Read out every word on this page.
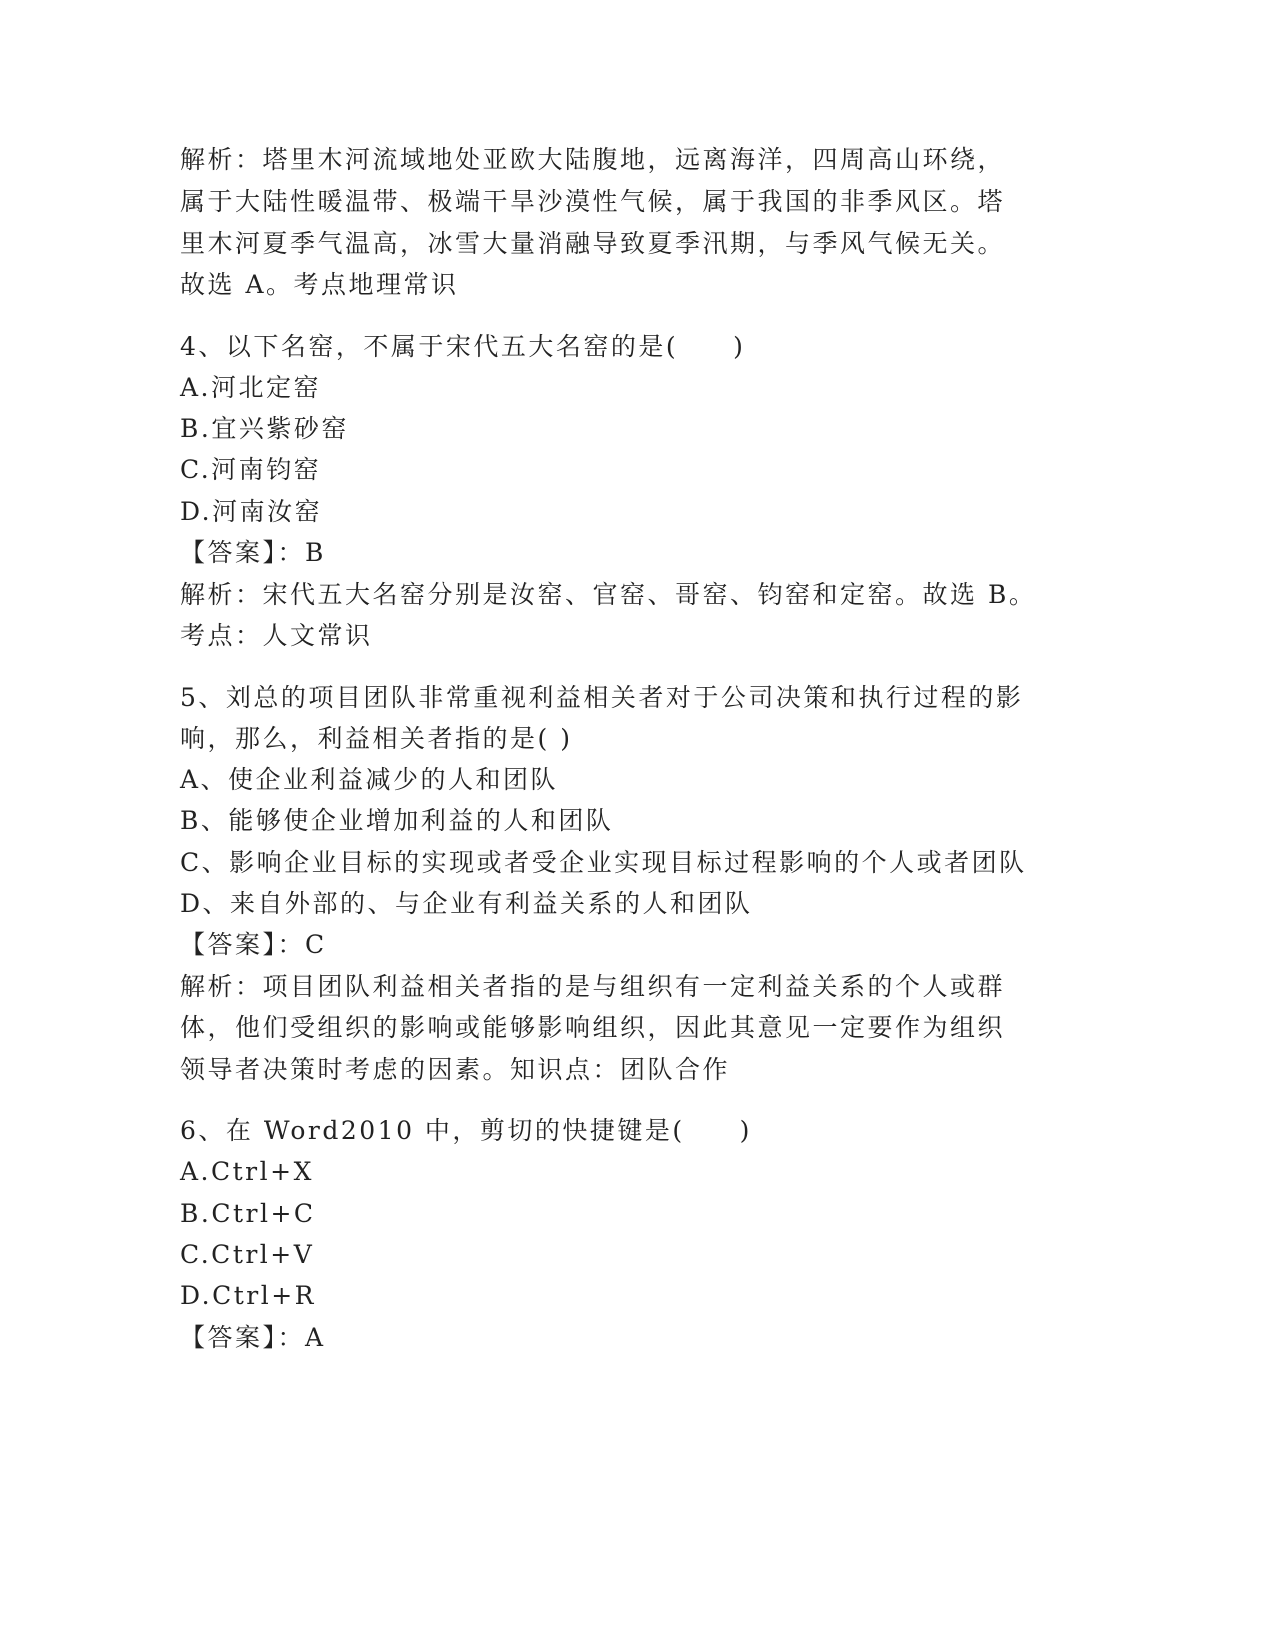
解析：塔里木河流域地处亚欧大陆腹地，远离海洋，四周高山环绕，
属于大陆性暖温带、极端干旱沙漠性气候，属于我国的非季风区。塔
里木河夏季气温高，冰雪大量消融导致夏季汛期，与季风气候无关。
故选 A。考点地理常识
4、以下名窑，不属于宋代五大名窑的是(　　)
A.河北定窑
B.宜兴紫砂窑
C.河南钧窑
D.河南汝窑
【答案】：B
解析：宋代五大名窑分别是汝窑、官窑、哥窑、钧窑和定窑。故选 B。
考点：人文常识
5、刘总的项目团队非常重视利益相关者对于公司决策和执行过程的影
响，那么，利益相关者指的是( )
A、使企业利益减少的人和团队
B、能够使企业增加利益的人和团队
C、影响企业目标的实现或者受企业实现目标过程影响的个人或者团队
D、来自外部的、与企业有利益关系的人和团队
【答案】：C
解析：项目团队利益相关者指的是与组织有一定利益关系的个人或群
体，他们受组织的影响或能够影响组织，因此其意见一定要作为组织
领导者决策时考虑的因素。知识点：团队合作
6、在 Word2010 中，剪切的快捷键是(　　)
A.Ctrl+X
B.Ctrl+C
C.Ctrl+V
D.Ctrl+R
【答案】：A
